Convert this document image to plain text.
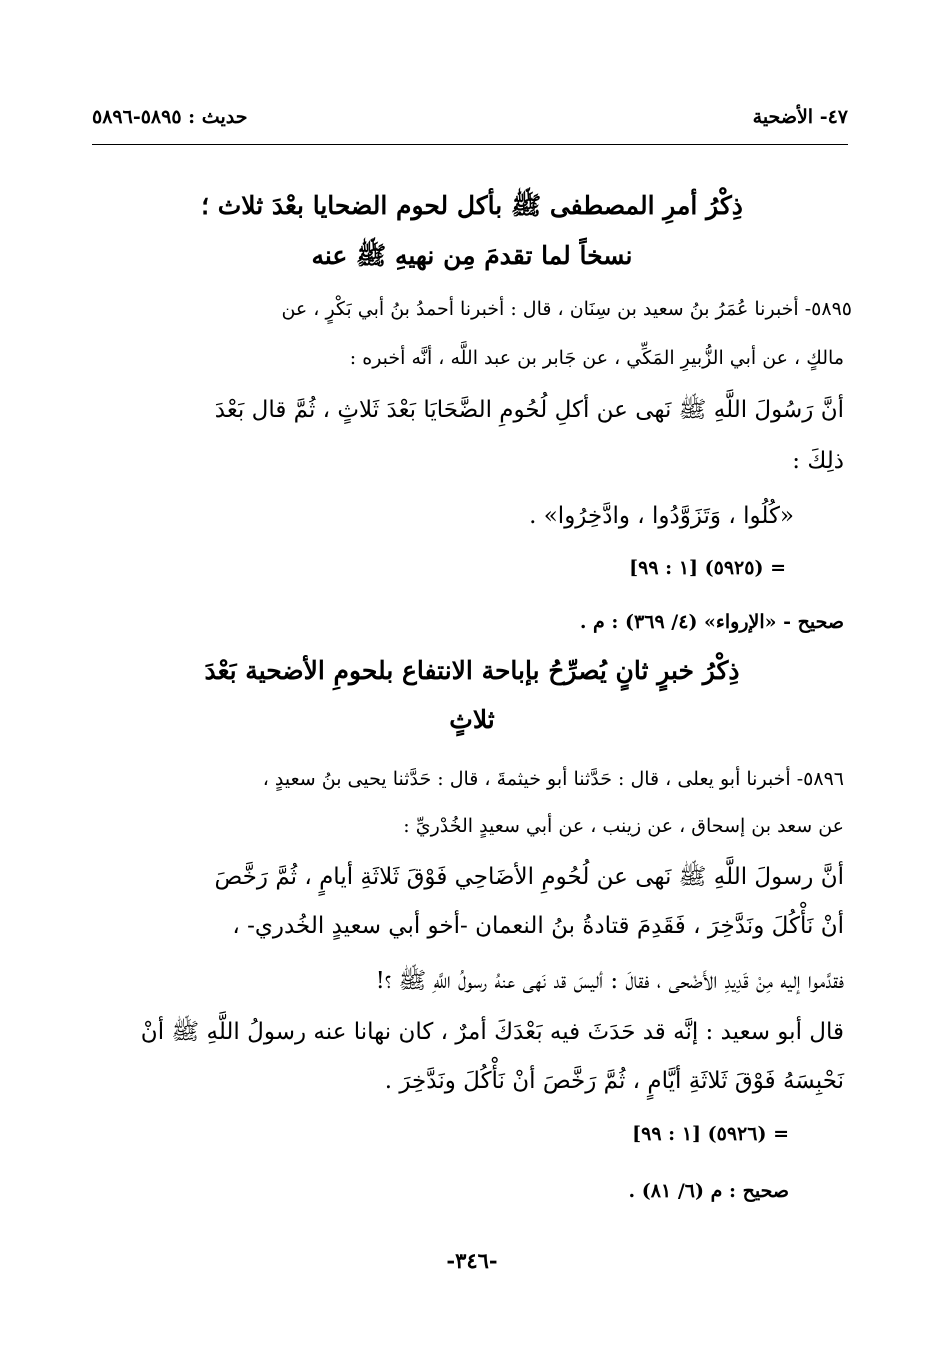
٤٧- الأضحية
حديث : ٥٨٩٥-٥٨٩٦
ذِكْرُ أمرِ المصطفى ﷺ بأكل لحوم الضحايا بعْدَ ثلاث ؛
نسخاً لما تقدمَ مِن نهيهِ ﷺ عنه
٥٨٩٥- أخبرنا عُمَرُ بنُ سعيد بن سِنَان ، قال : أخبرنا أحمدُ بنُ أبي بَكْرٍ ، عن
مالكٍ ، عن أبي الزُّبيرِ المَكِّي ، عن جَابر بن عبد اللَّه ، أنَّه أخبره :
أنَّ رَسُولَ اللَّهِ ﷺ نَهى عن أكلِ لُحُومِ الضَّحَايَا بَعْدَ ثَلاثٍ ، ثُمَّ قال بَعْدَ
ذلِكَ :
«كُلُوا ، وَتَزَوَّدُوا ، وادَّخِرُوا» .
= (٥٩٢٥) [١ : ٩٩]
صحيح - «الإرواء» (٤/ ٣٦٩) : م .
ذِكْرُ خبرٍ ثانٍ يُصرِّحُ بإباحة الانتفاع بلحومِ الأضحية بَعْدَ
ثلاثٍ
٥٨٩٦- أخبرنا أبو يعلى ، قال : حَدَّثنا أبو خيثمةَ ، قال : حَدَّثنا يحيى بنُ سعيدٍ ،
عن سعد بن إسحاق ، عن زينب ، عن أبي سعيدٍ الخُدْريِّ :
أنَّ رسولَ اللَّهِ ﷺ نَهى عن لُحُومِ الأضَاحِي فَوْقَ ثَلاثَةِ أيامٍ ، ثُمَّ رَخَّصَ
أنْ نَأْكُلَ ونَدَّخِرَ ، فَقَدِمَ قتادةُ بنُ النعمان -أخو أبي سعيدٍ الخُدري- ،
فقدَّموا إليه مِنْ قَدِيدِ الأَضْحى ، فقالَ : أليسَ قد نَهى عنهُ رسولُ اللَّهِ ﷺ ؟!
قال أبو سعيد : إنَّه قد حَدَثَ فيه بَعْدَكَ أمرٌ ، كان نهانا عنه رسولُ اللَّهِ ﷺ أنْ
نَحْبِسَهُ فَوْقَ ثَلاثَةِ أيَّامٍ ، ثُمَّ رَخَّصَ أنْ نَأْكُلَ ونَدَّخِرَ .
= (٥٩٢٦) [١ : ٩٩]
صحيح : م (٦/ ٨١) .
-٣٤٦-
